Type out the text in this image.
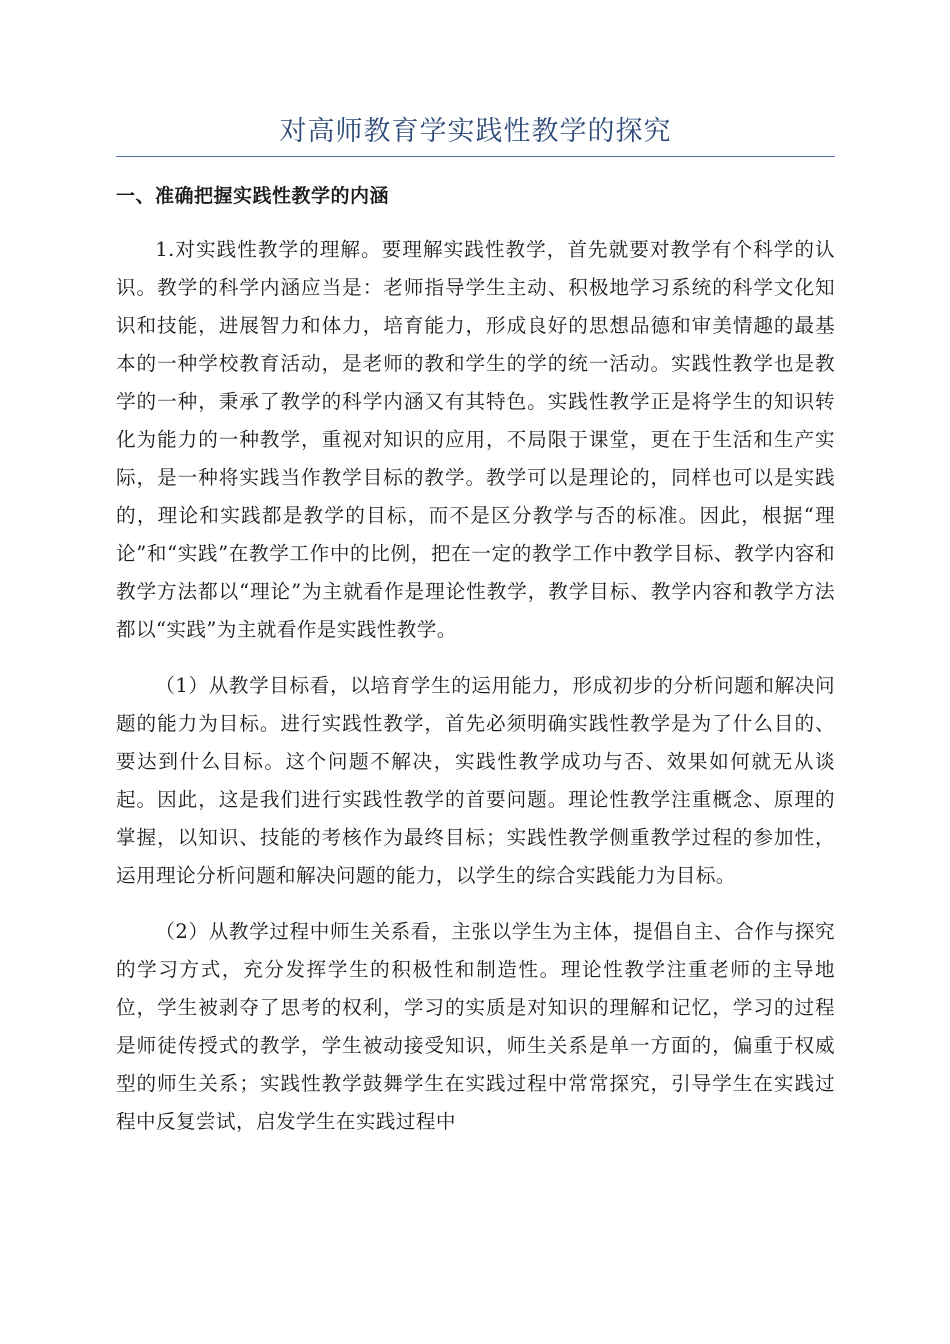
对高师教育学实践性教学的探究
一、准确把握实践性教学的内涵

1.对实践性教学的理解。要理解实践性教学，首先就要对教学有个科学的认识。教学的科学内涵应当是：老师指导学生主动、积极地学习系统的科学文化知识和技能，进展智力和体力，培育能力，形成良好的思想品德和审美情趣的最基本的一种学校教育活动，是老师的教和学生的学的统一活动。实践性教学也是教学的一种，秉承了教学的科学内涵又有其特色。实践性教学正是将学生的知识转化为能力的一种教学，重视对知识的应用，不局限于课堂，更在于生活和生产实际，是一种将实践当作教学目标的教学。教学可以是理论的，同样也可以是实践的，理论和实践都是教学的目标，而不是区分教学与否的标准。因此，根据“理论”和“实践”在教学工作中的比例，把在一定的教学工作中教学目标、教学内容和教学方法都以“理论”为主就看作是理论性教学，教学目标、教学内容和教学方法都以“实践”为主就看作是实践性教学。

（1）从教学目标看，以培育学生的运用能力，形成初步的分析问题和解决问题的能力为目标。进行实践性教学，首先必须明确实践性教学是为了什么目的、要达到什么目标。这个问题不解决，实践性教学成功与否、效果如何就无从谈起。因此，这是我们进行实践性教学的首要问题。理论性教学注重概念、原理的掌握，以知识、技能的考核作为最终目标；实践性教学侧重教学过程的参加性，运用理论分析问题和解决问题的能力，以学生的综合实践能力为目标。

（2）从教学过程中师生关系看，主张以学生为主体，提倡自主、合作与探究的学习方式，充分发挥学生的积极性和制造性。理论性教学注重老师的主导地位，学生被剥夺了思考的权利，学习的实质是对知识的理解和记忆，学习的过程是师徒传授式的教学，学生被动接受知识，师生关系是单一方面的，偏重于权威型的师生关系；实践性教学鼓舞学生在实践过程中常常探究，引导学生在实践过程中反复尝试，启发学生在实践过程中
